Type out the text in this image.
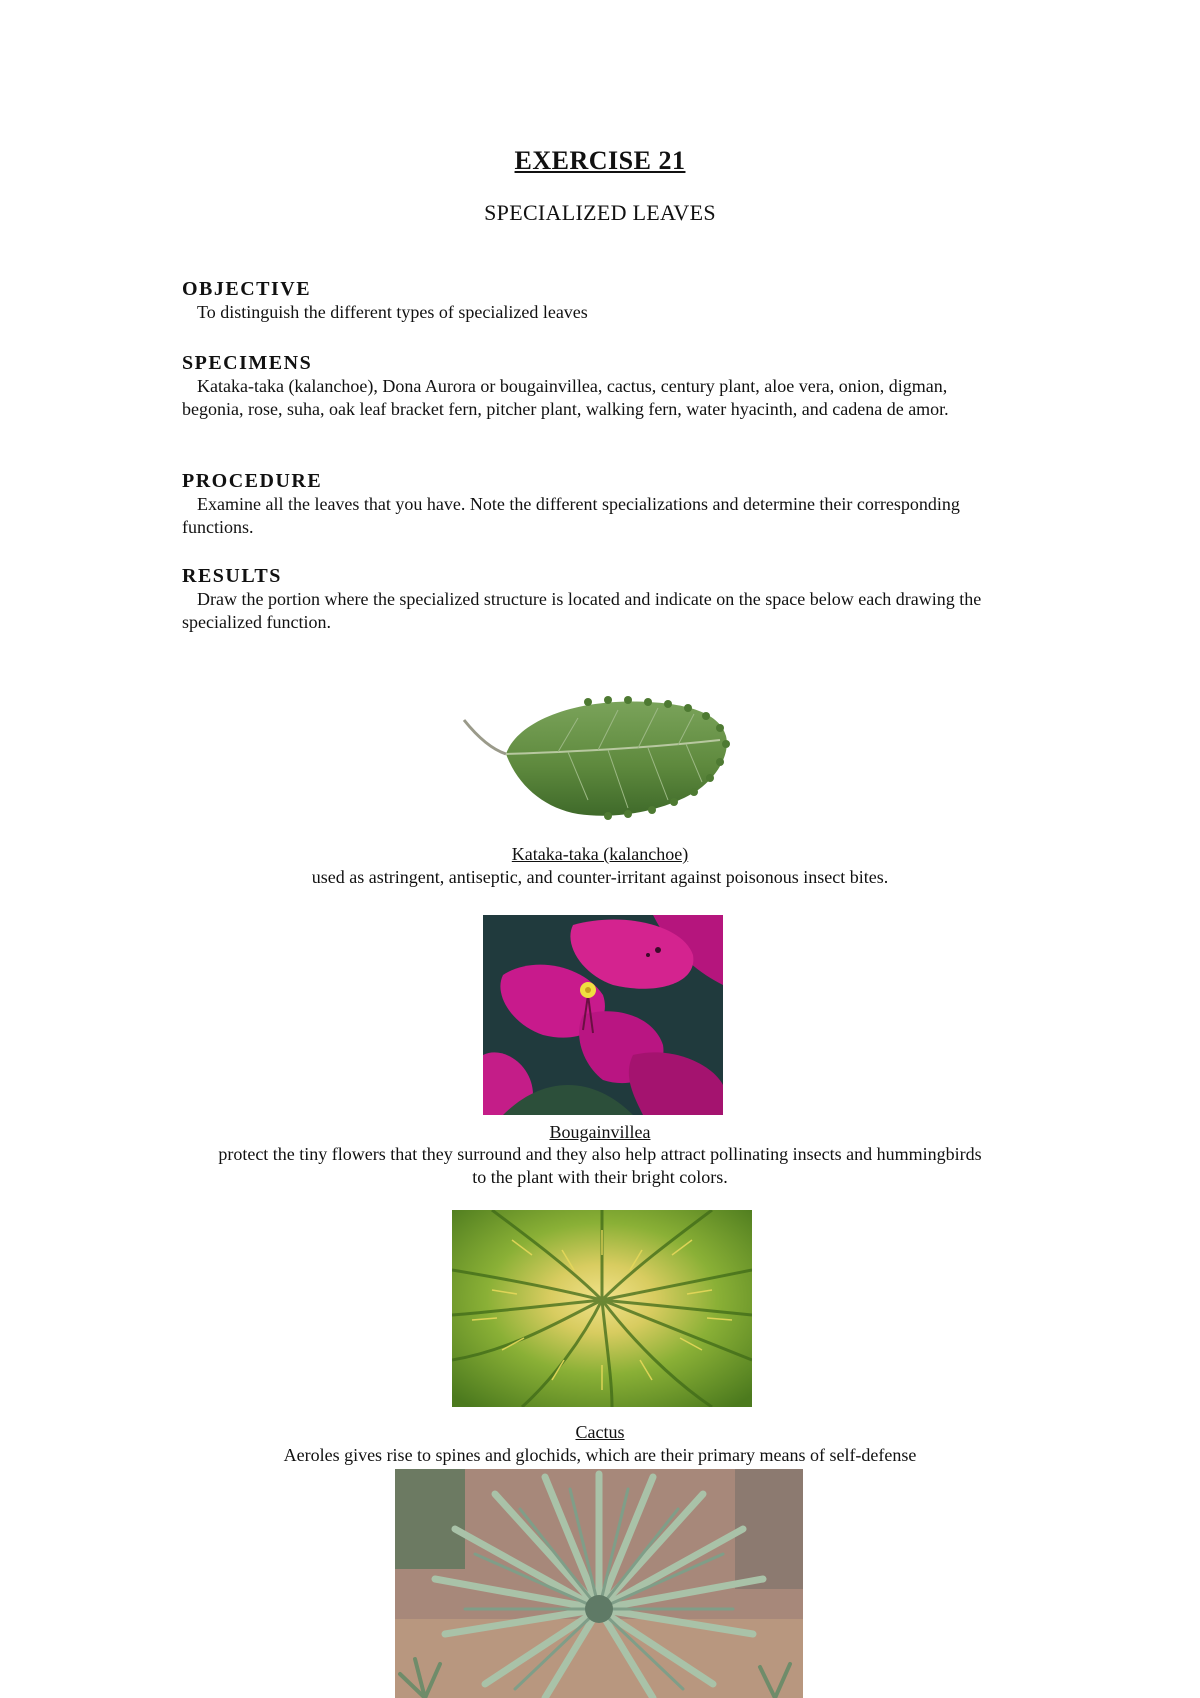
EXERCISE 21
SPECIALIZED LEAVES
OBJECTIVE

To distinguish the different types of specialized leaves

SPECIMENS

Kataka-taka (kalanchoe), Dona Aurora or bougainvillea, cactus, century plant, aloe vera, onion, digman, begonia, rose, suha, oak leaf bracket fern, pitcher plant, walking fern, water hyacinth, and cadena de amor.

PROCEDURE

Examine all the leaves that you have. Note the different specializations and determine their corresponding functions.

RESULTS

Draw the portion where the specialized structure is located and indicate on the space below each drawing the specialized function.

Kataka-taka (kalanchoe)
used as astringent, antiseptic, and counter-irritant against poisonous insect bites.
Bougainvillea
protect the tiny flowers that they surround and they also help attract pollinating insects and hummingbirds to the plant with their bright colors.
Cactus
Aeroles gives rise to spines and glochids, which are their primary means of self-defense
